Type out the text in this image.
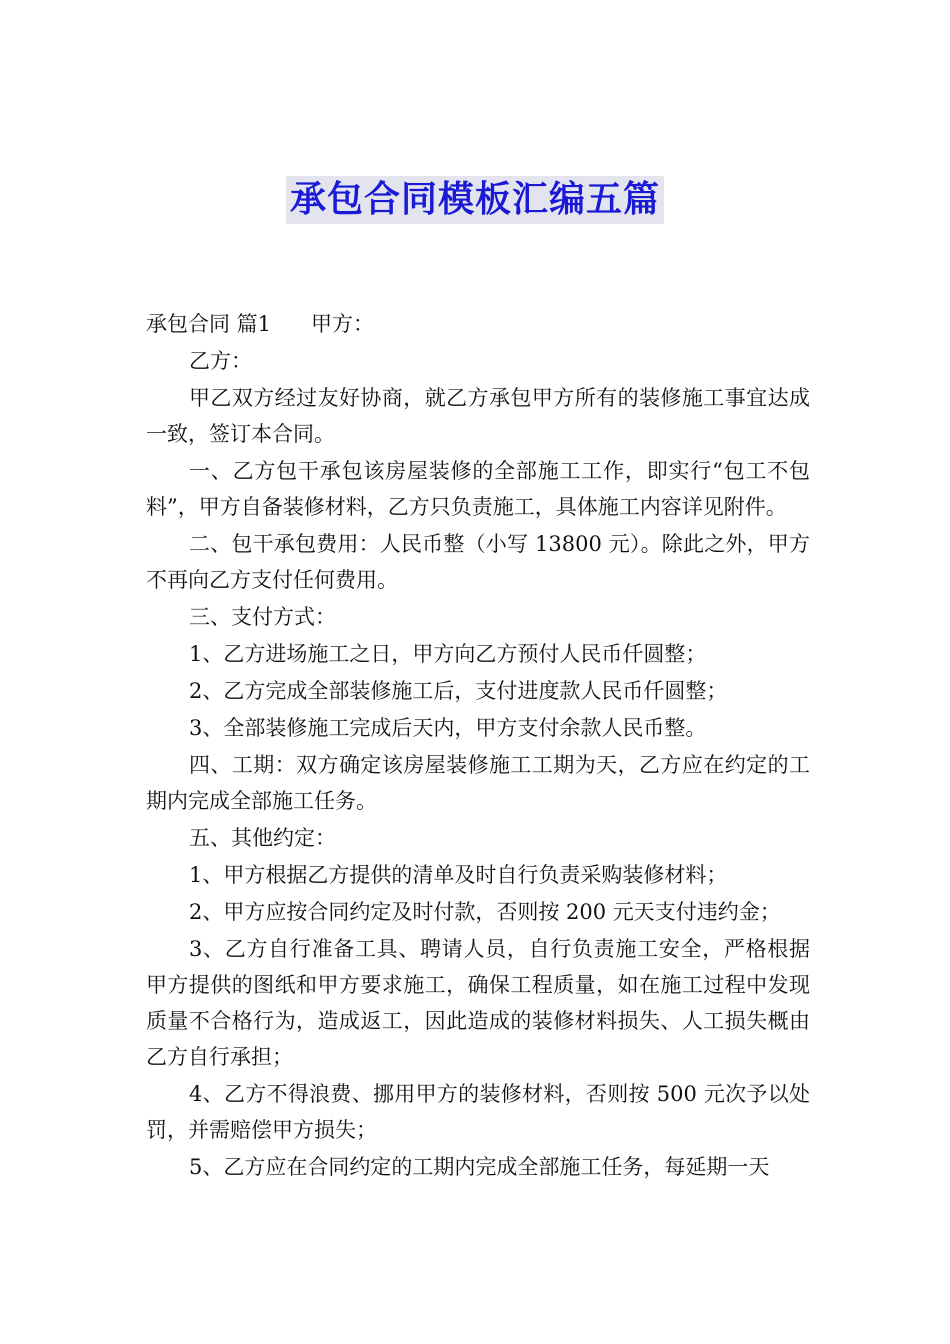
承包合同模板汇编五篇

承包合同 篇1 甲方：

乙方：

甲乙双方经过友好协商，就乙方承包甲方所有的装修施工事宜达成一致，签订本合同。

一、乙方包干承包该房屋装修的全部施工工作，即实行“包工不包料”，甲方自备装修材料，乙方只负责施工，具体施工内容详见附件。

二、包干承包费用：人民币整（小写 13800 元）。除此之外，甲方不再向乙方支付任何费用。

三、支付方式：

1、乙方进场施工之日，甲方向乙方预付人民币仟圆整；

2、乙方完成全部装修施工后，支付进度款人民币仟圆整；

3、全部装修施工完成后天内，甲方支付余款人民币整。

四、工期：双方确定该房屋装修施工工期为天，乙方应在约定的工期内完成全部施工任务。

五、其他约定：

1、甲方根据乙方提供的清单及时自行负责采购装修材料；

2、甲方应按合同约定及时付款，否则按 200 元天支付违约金；

3、乙方自行准备工具、聘请人员，自行负责施工安全，严格根据甲方提供的图纸和甲方要求施工，确保工程质量，如在施工过程中发现质量不合格行为，造成返工，因此造成的装修材料损失、人工损失概由乙方自行承担；

4、乙方不得浪费、挪用甲方的装修材料，否则按 500 元次予以处罚，并需赔偿甲方损失；

5、乙方应在合同约定的工期内完成全部施工任务，每延期一天
